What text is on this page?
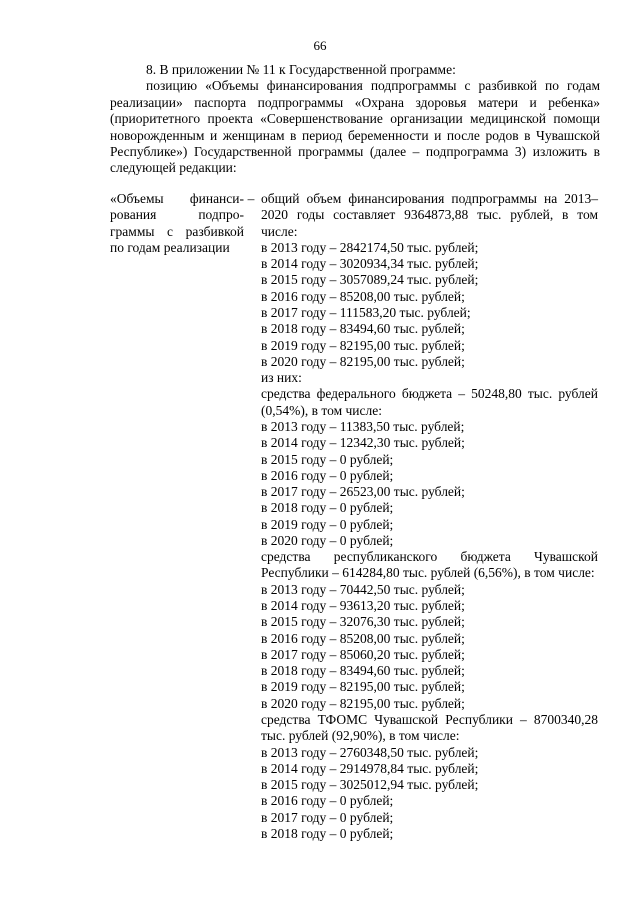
66

8. В приложении № 11 к Государственной программе:

позицию «Объемы финансирования подпрограммы с разбивкой по годам реализации» паспорта подпрограммы «Охрана здоровья матери и ребенка» (приоритетного проекта «Совершенствование организации медицинской помощи новорожденным и женщинам в период беременности и после родов в Чувашской Республике») Государственной программы (далее – подпрограмма 3) изложить в следующей редакции:

«Объемы финанси-
рования подпро-
граммы с разбивкой
по годам реализации
– общий объем финансирования подпрограммы на 2013–2020 годы составляет 9364873,88 тыс. рублей, в том числе:
в 2013 году – 2842174,50 тыс. рублей;
в 2014 году – 3020934,34 тыс. рублей;
в 2015 году – 3057089,24 тыс. рублей;
в 2016 году – 85208,00 тыс. рублей;
в 2017 году – 111583,20 тыс. рублей;
в 2018 году – 83494,60 тыс. рублей;
в 2019 году – 82195,00 тыс. рублей;
в 2020 году – 82195,00 тыс. рублей;
из них:
средства федерального бюджета – 50248,80 тыс. рублей (0,54%), в том числе:
в 2013 году – 11383,50 тыс. рублей;
в 2014 году – 12342,30 тыс. рублей;
в 2015 году – 0 рублей;
в 2016 году – 0 рублей;
в 2017 году – 26523,00 тыс. рублей;
в 2018 году – 0 рублей;
в 2019 году – 0 рублей;
в 2020 году – 0 рублей;
средства республиканского бюджета Чувашской Республики – 614284,80 тыс. рублей (6,56%), в том числе:
в 2013 году – 70442,50 тыс. рублей;
в 2014 году – 93613,20 тыс. рублей;
в 2015 году – 32076,30 тыс. рублей;
в 2016 году – 85208,00 тыс. рублей;
в 2017 году – 85060,20 тыс. рублей;
в 2018 году – 83494,60 тыс. рублей;
в 2019 году – 82195,00 тыс. рублей;
в 2020 году – 82195,00 тыс. рублей;
средства ТФОМС Чувашской Республики – 8700340,28 тыс. рублей (92,90%), в том числе:
в 2013 году – 2760348,50 тыс. рублей;
в 2014 году – 2914978,84 тыс. рублей;
в 2015 году – 3025012,94 тыс. рублей;
в 2016 году – 0 рублей;
в 2017 году – 0 рублей;
в 2018 году – 0 рублей;
